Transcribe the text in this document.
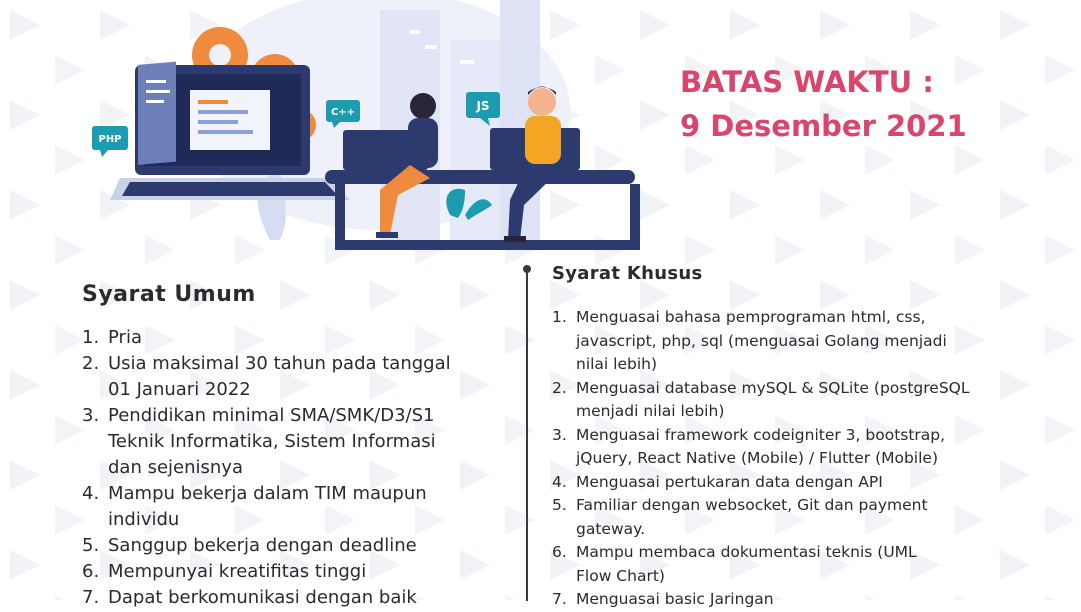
PHP
C++	JS
BATAS WAKTU :
9 Desember 2021
Syarat Umum
1. Pria
2. Usia maksimal 30 tahun pada tanggal
01 Januari 2022
3. Pendidikan minimal SMA/SMK/D3/S1
Teknik Informatika, Sistem Informasi
dan sejenisnya
4. Mampu bekerja dalam TIM maupun
individu
5. Sanggup bekerja dengan deadline
6. Mempunyai kreatifitas tinggi
7. Dapat berkomunikasi dengan baik
Syarat Khusus
1. Menguasai bahasa pemprograman html, css,
javascript, php, sql (menguasai Golang menjadi
nilai lebih)
2. Menguasai database mySQL & SQLite (postgreSQL
menjadi nilai lebih)
3. Menguasai framework codeigniter 3, bootstrap,
jQuery, React Native (Mobile) / Flutter (Mobile)
4. Menguasai pertukaran data dengan API
5. Familiar dengan websocket, Git dan payment
gateway.
6. Mampu membaca dokumentasi teknis (UML
Flow Chart)
7. Menguasai basic Jaringan
